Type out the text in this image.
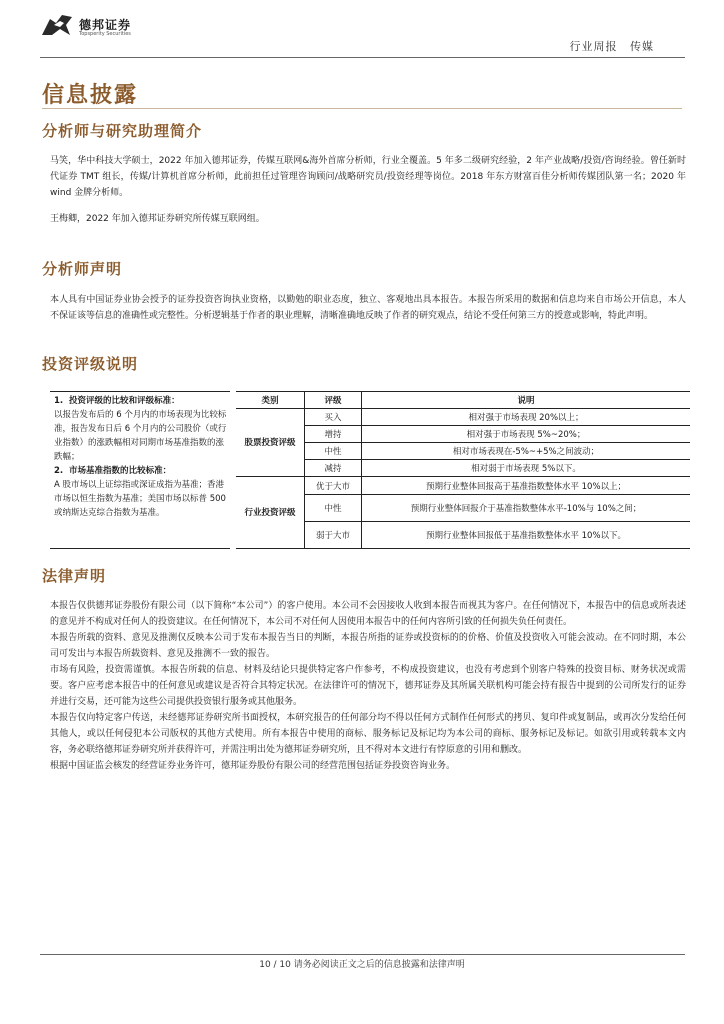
德邦证券
Topsperity Securities
行业周报 传媒
信息披露
分析师与研究助理简介

马笑，华中科技大学硕士，2022 年加入德邦证券，传媒互联网&海外首席分析师，行业全覆盖。5 年多二级研究经验，2 年产业战略/投资/咨询经验。曾任新时代证券 TMT 组长，传媒/计算机首席分析师，此前担任过管理咨询顾问/战略研究员/投资经理等岗位。2018 年东方财富百佳分析师传媒团队第一名；2020 年 wind 金牌分析师。

王梅卿，2022 年加入德邦证券研究所传媒互联网组。

分析师声明

本人具有中国证券业协会授予的证券投资咨询执业资格，以勤勉的职业态度，独立、客观地出具本报告。本报告所采用的数据和信息均来自市场公开信息，本人不保证该等信息的准确性或完整性。分析逻辑基于作者的职业理解，清晰准确地反映了作者的研究观点，结论不受任何第三方的授意或影响，特此声明。

投资评级说明
1.  投资评级的比较和评级标准：
以报告发布后的 6 个月内的市场表现为比较标准，报告发布日后 6 个月内的公司股价（或行业指数）的涨跌幅相对同期市场基准指数的涨跌幅；
2.  市场基准指数的比较标准：
A 股市场以上证综指或深证成指为基准；香港市场以恒生指数为基准；美国市场以标普 500 或纳斯达克综合指数为基准。
类别	评级	说明
股票投资评级	买入	相对强于市场表现 20%以上；
	增持	相对强于市场表现 5%~20%；
	中性	相对市场表现在-5%~+5%之间波动；
	减持	相对弱于市场表现 5%以下。
行业投资评级	优于大市	预期行业整体回报高于基准指数整体水平 10%以上；
	中性	预期行业整体回报介于基准指数整体水平-10%与 10%之间；
	弱于大市	预期行业整体回报低于基准指数整体水平 10%以下。
法律声明

本报告仅供德邦证券股份有限公司（以下简称“本公司”）的客户使用。本公司不会因接收人收到本报告而视其为客户。在任何情况下，本报告中的信息或所表述的意见并不构成对任何人的投资建议。在任何情况下，本公司不对任何人因使用本报告中的任何内容所引致的任何损失负任何责任。

本报告所载的资料、意见及推测仅反映本公司于发布本报告当日的判断，本报告所指的证券或投资标的的价格、价值及投资收入可能会波动。在不同时期，本公司可发出与本报告所载资料、意见及推测不一致的报告。

市场有风险，投资需谨慎。本报告所载的信息、材料及结论只提供特定客户作参考，不构成投资建议，也没有考虑到个别客户特殊的投资目标、财务状况或需要。客户应考虑本报告中的任何意见或建议是否符合其特定状况。在法律许可的情况下，德邦证券及其所属关联机构可能会持有报告中提到的公司所发行的证券并进行交易，还可能为这些公司提供投资银行服务或其他服务。

本报告仅向特定客户传送，未经德邦证券研究所书面授权，本研究报告的任何部分均不得以任何方式制作任何形式的拷贝、复印件或复制品，或再次分发给任何其他人，或以任何侵犯本公司版权的其他方式使用。所有本报告中使用的商标、服务标记及标记均为本公司的商标、服务标记及标记。如欲引用或转载本文内容，务必联络德邦证券研究所并获得许可，并需注明出处为德邦证券研究所，且不得对本文进行有悖原意的引用和删改。

根据中国证监会核发的经营证券业务许可，德邦证券股份有限公司的经营范围包括证券投资咨询业务。

10 / 10 请务必阅读正文之后的信息披露和法律声明
